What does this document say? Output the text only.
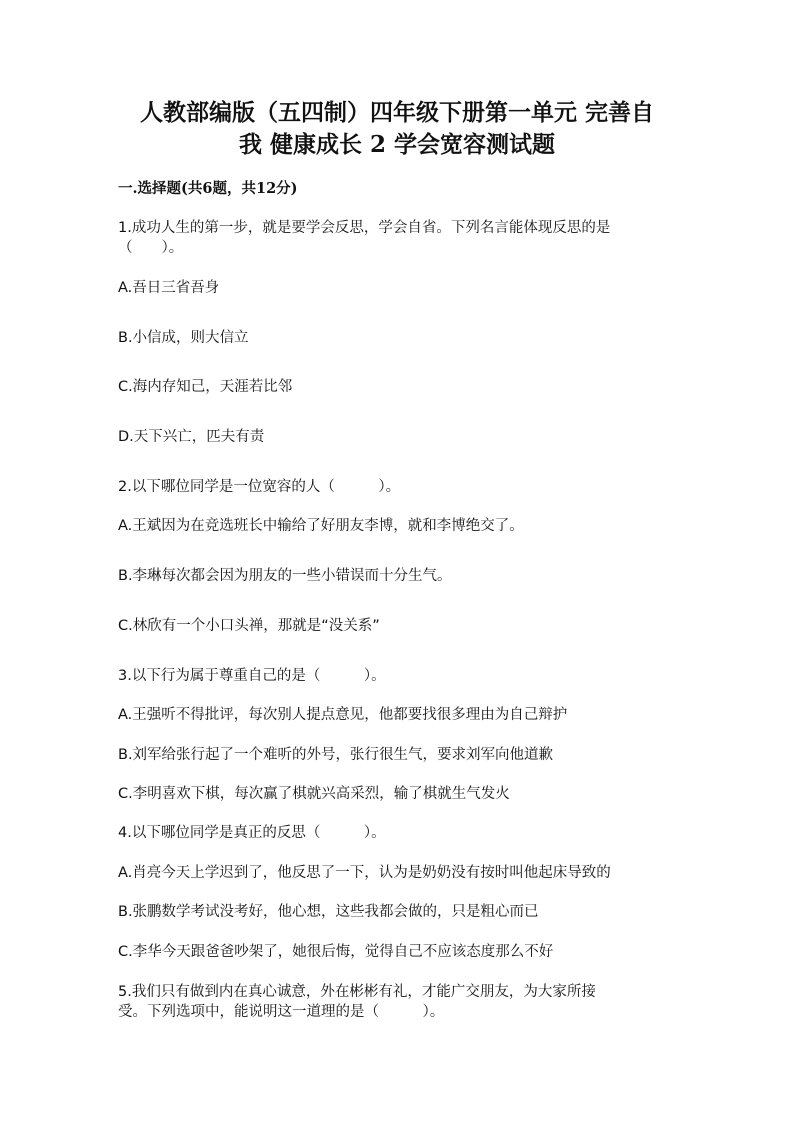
人教部编版（五四制）四年级下册第一单元 完善自
我 健康成长 2 学会宽容测试题
一.选择题(共6题，共12分)
1.成功人生的第一步，就是要学会反思，学会自省。下列名言能体现反思的是
（　　）。
A.吾日三省吾身
B.小信成，则大信立
C.海内存知己，天涯若比邻
D.天下兴亡，匹夫有责
2.以下哪位同学是一位宽容的人（　　　）。
A.王斌因为在竞选班长中输给了好朋友李博，就和李博绝交了。
B.李琳每次都会因为朋友的一些小错误而十分生气。
C.林欣有一个小口头禅，那就是“没关系”
3.以下行为属于尊重自己的是（　　　）。
A.王强听不得批评，每次别人提点意见，他都要找很多理由为自己辩护
B.刘军给张行起了一个难听的外号，张行很生气，要求刘军向他道歉
C.李明喜欢下棋，每次赢了棋就兴高采烈，输了棋就生气发火
4.以下哪位同学是真正的反思（　　　）。
A.肖亮今天上学迟到了，他反思了一下，认为是奶奶没有按时叫他起床导致的
B.张鹏数学考试没考好，他心想，这些我都会做的，只是粗心而已
C.李华今天跟爸爸吵架了，她很后悔，觉得自己不应该态度那么不好
5.我们只有做到内在真心诚意，外在彬彬有礼，才能广交朋友，为大家所接
受。下列选项中，能说明这一道理的是（　　　）。
